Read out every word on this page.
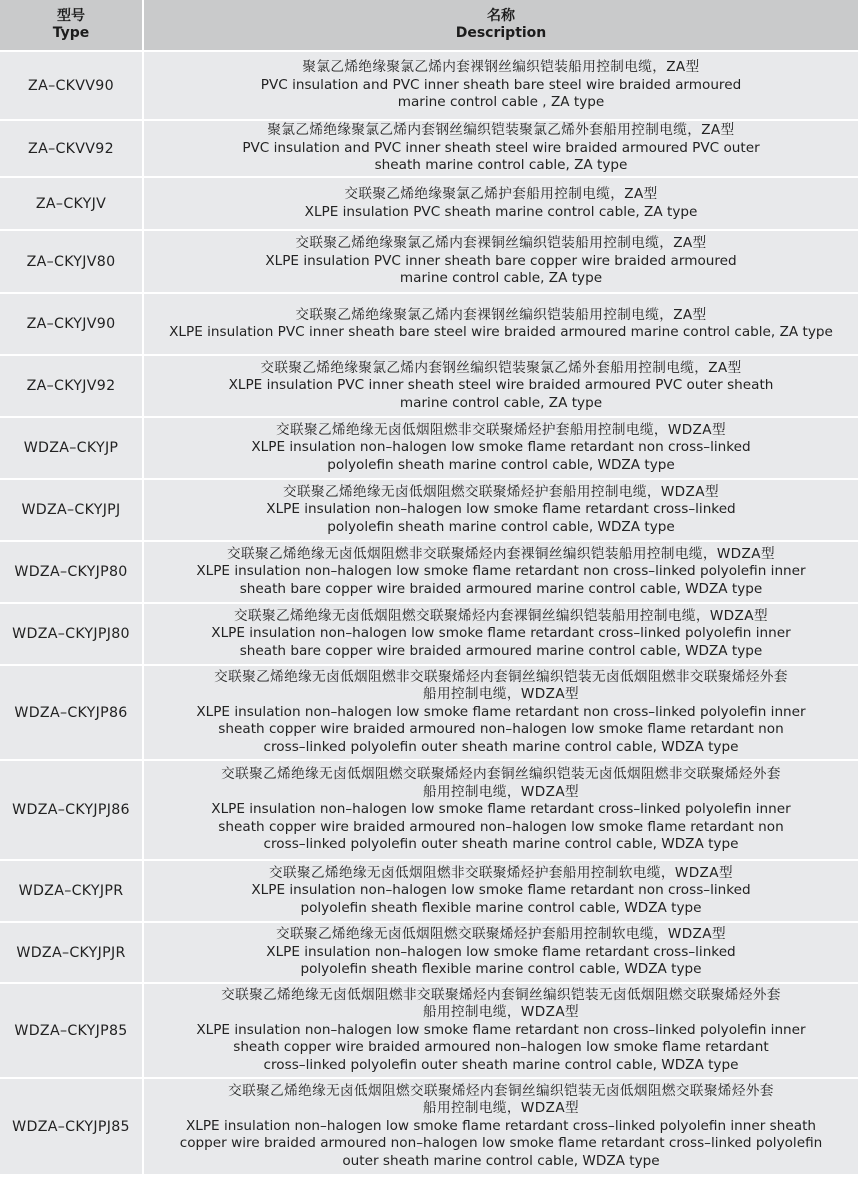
型号
Type
名称
Description
ZA–CKVV90
聚氯乙烯绝缘聚氯乙烯内套裸钢丝编织铠装船用控制电缆，ZA型
PVC insulation and PVC inner sheath bare steel wire braided armoured
marine control cable , ZA type
ZA–CKVV92
聚氯乙烯绝缘聚氯乙烯内套钢丝编织铠装聚氯乙烯外套船用控制电缆，ZA型
PVC insulation and PVC inner sheath steel wire braided armoured PVC outer
sheath marine control cable, ZA type
ZA–CKYJV
交联聚乙烯绝缘聚氯乙烯护套船用控制电缆，ZA型
XLPE insulation PVC sheath marine control cable, ZA type
ZA–CKYJV80
交联聚乙烯绝缘聚氯乙烯内套裸铜丝编织铠装船用控制电缆，ZA型
XLPE insulation PVC inner sheath bare copper wire braided armoured
marine control cable, ZA type
ZA–CKYJV90
交联聚乙烯绝缘聚氯乙烯内套裸钢丝编织铠装船用控制电缆，ZA型
XLPE insulation PVC inner sheath bare steel wire braided armoured marine control cable, ZA type
ZA–CKYJV92
交联聚乙烯绝缘聚氯乙烯内套钢丝编织铠装聚氯乙烯外套船用控制电缆，ZA型
XLPE insulation PVC inner sheath steel wire braided armoured PVC outer sheath
marine control cable, ZA type
WDZA–CKYJP
交联聚乙烯绝缘无卤低烟阻燃非交联聚烯烃护套船用控制电缆，WDZA型
XLPE insulation non–halogen low smoke flame retardant non cross–linked
polyolefin sheath marine control cable, WDZA type
WDZA–CKYJPJ
交联聚乙烯绝缘无卤低烟阻燃交联聚烯烃护套船用控制电缆，WDZA型
XLPE insulation non–halogen low smoke flame retardant cross–linked
polyolefin sheath marine control cable, WDZA type
WDZA–CKYJP80
交联聚乙烯绝缘无卤低烟阻燃非交联聚烯烃内套裸铜丝编织铠装船用控制电缆，WDZA型
XLPE insulation non–halogen low smoke flame retardant non cross–linked polyolefin inner
sheath bare copper wire braided armoured marine control cable, WDZA type
WDZA–CKYJPJ80
交联聚乙烯绝缘无卤低烟阻燃交联聚烯烃内套裸铜丝编织铠装船用控制电缆，WDZA型
XLPE insulation non–halogen low smoke flame retardant cross–linked polyolefin inner
sheath bare copper wire braided armoured marine control cable, WDZA type
WDZA–CKYJP86
交联聚乙烯绝缘无卤低烟阻燃非交联聚烯烃内套铜丝编织铠装无卤低烟阻燃非交联聚烯烃外套
船用控制电缆，WDZA型
XLPE insulation non–halogen low smoke flame retardant non cross–linked polyolefin inner
sheath copper wire braided armoured non–halogen low smoke flame retardant non
cross–linked polyolefin outer sheath marine control cable, WDZA type
WDZA–CKYJPJ86
交联聚乙烯绝缘无卤低烟阻燃交联聚烯烃内套铜丝编织铠装无卤低烟阻燃非交联聚烯烃外套
船用控制电缆，WDZA型
XLPE insulation non–halogen low smoke flame retardant cross–linked polyolefin inner
sheath copper wire braided armoured non–halogen low smoke flame retardant non
cross–linked polyolefin outer sheath marine control cable, WDZA type
WDZA–CKYJPR
交联聚乙烯绝缘无卤低烟阻燃非交联聚烯烃护套船用控制软电缆，WDZA型
XLPE insulation non–halogen low smoke flame retardant non cross–linked
polyolefin sheath flexible marine control cable, WDZA type
WDZA–CKYJPJR
交联聚乙烯绝缘无卤低烟阻燃交联聚烯烃护套船用控制软电缆，WDZA型
XLPE insulation non–halogen low smoke flame retardant cross–linked
polyolefin sheath flexible marine control cable, WDZA type
WDZA–CKYJP85
交联聚乙烯绝缘无卤低烟阻燃非交联聚烯烃内套铜丝编织铠装无卤低烟阻燃交联聚烯烃外套
船用控制电缆，WDZA型
XLPE insulation non–halogen low smoke flame retardant non cross–linked polyolefin inner
sheath copper wire braided armoured non–halogen low smoke flame retardant
cross–linked polyolefin outer sheath marine control cable, WDZA type
WDZA–CKYJPJ85
交联聚乙烯绝缘无卤低烟阻燃交联聚烯烃内套铜丝编织铠装无卤低烟阻燃交联聚烯烃外套
船用控制电缆，WDZA型
XLPE insulation non–halogen low smoke flame retardant cross–linked polyolefin inner sheath
copper wire braided armoured non–halogen low smoke flame retardant cross–linked polyolefin
outer sheath marine control cable, WDZA type
